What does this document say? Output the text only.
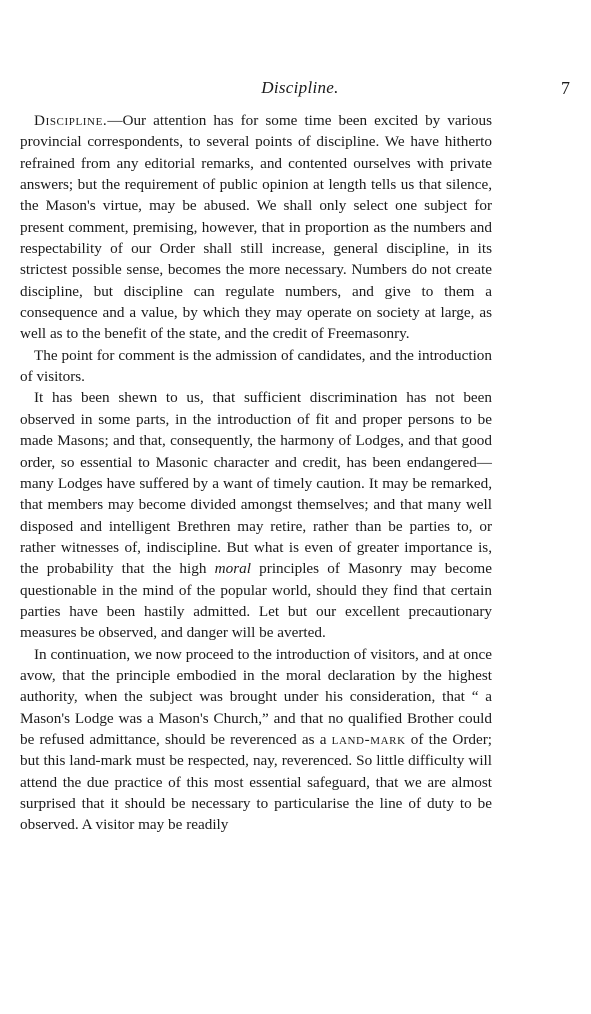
Discipline.	7

Discipline.—Our attention has for some time been excited by various provincial correspondents, to several points of discipline. We have hitherto refrained from any editorial remarks, and contented ourselves with private answers; but the requirement of public opinion at length tells us that silence, the Mason's virtue, may be abused. We shall only select one subject for present comment, premising, however, that in proportion as the numbers and respectability of our Order shall still increase, general discipline, in its strictest possible sense, becomes the more necessary. Numbers do not create discipline, but discipline can regulate numbers, and give to them a consequence and a value, by which they may operate on society at large, as well as to the benefit of the state, and the credit of Freemasonry.

The point for comment is the admission of candidates, and the introduction of visitors.

It has been shewn to us, that sufficient discrimination has not been observed in some parts, in the introduction of fit and proper persons to be made Masons; and that, consequently, the harmony of Lodges, and that good order, so essential to Masonic character and credit, has been endangered—many Lodges have suffered by a want of timely caution. It may be remarked, that members may become divided amongst themselves; and that many well disposed and intelligent Brethren may retire, rather than be parties to, or rather witnesses of, indiscipline. But what is even of greater importance is, the probability that the high moral principles of Masonry may become questionable in the mind of the popular world, should they find that certain parties have been hastily admitted. Let but our excellent precautionary measures be observed, and danger will be averted.

In continuation, we now proceed to the introduction of visitors, and at once avow, that the principle embodied in the moral declaration by the highest authority, when the subject was brought under his consideration, that “ a Mason's Lodge was a Mason's Church,” and that no qualified Brother could be refused admittance, should be reverenced as a land-mark of the Order; but this land-mark must be respected, nay, reverenced. So little difficulty will attend the due practice of this most essential safeguard, that we are almost surprised that it should be necessary to particularise the line of duty to be observed. A visitor may be readily
